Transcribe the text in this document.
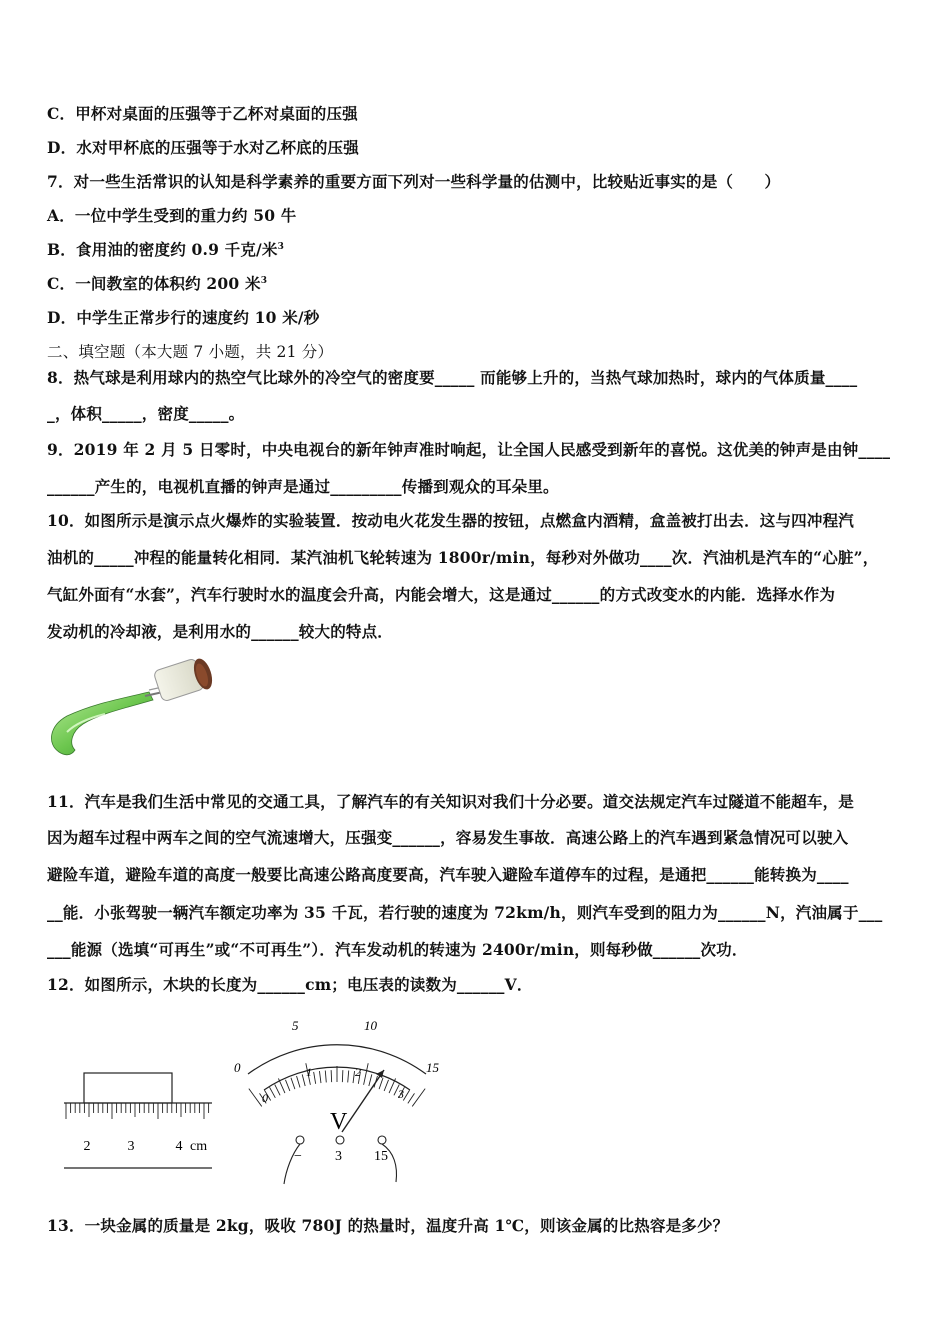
C．甲杯对桌面的压强等于乙杯对桌面的压强
D．水对甲杯底的压强等于水对乙杯底的压强
7．对一些生活常识的认知是科学素养的重要方面下列对一些科学量的估测中，比较贴近事实的是（　　）
A．一位中学生受到的重力约 50 牛
B．食用油的密度约 0.9 千克/米$^3$
C．一间教室的体积约 200 米$^3$
D．中学生正常步行的速度约 10 米/秒
二、填空题（本大题 7 小题，共 21 分）
8．热气球是利用球内的热空气比球外的冷空气的密度要_____ 而能够上升的，当热气球加热时，球内的气体质量____
_，体积_____，密度_____。
9．2019 年 2 月 5 日零时，中央电视台的新年钟声准时响起，让全国人民感受到新年的喜悦。这优美的钟声是由钟____
______产生的，电视机直播的钟声是通过_________传播到观众的耳朵里。
10．如图所示是演示点火爆炸的实验装置．按动电火花发生器的按钮，点燃盒内酒精，盒盖被打出去．这与四冲程汽
油机的_____冲程的能量转化相同．某汽油机飞轮转速为 1800r/min，每秒对外做功____次．汽油机是汽车的“心脏”，
气缸外面有“水套”，汽车行驶时水的温度会升高，内能会增大，这是通过______的方式改变水的内能．选择水作为
发动机的冷却液，是利用水的______较大的特点．
11．汽车是我们生活中常见的交通工具，了解汽车的有关知识对我们十分必要。道交法规定汽车过隧道不能超车，是
因为超车过程中两车之间的空气流速增大，压强变______，容易发生事故．高速公路上的汽车遇到紧急情况可以驶入
避险车道，避险车道的高度一般要比高速公路高度要高，汽车驶入避险车道停车的过程，是通把______能转换为____
__能．小张驾驶一辆汽车额定功率为 35 千瓦，若行驶的速度为 72km/h，则汽车受到的阻力为______N，汽油属于___
___能源（选填“可再生”或“不可再生”）．汽车发动机的转速为 2400r/min，则每秒做______次功．
12．如图所示，木块的长度为______cm；电压表的读数为______V．
2	3	4 cm
0
5	10
15
0
1	2
3
V
− 3 15
13．一块金属的质量是 2kg，吸收 780J 的热量时，温度升高 1℃，则该金属的比热容是多少？
